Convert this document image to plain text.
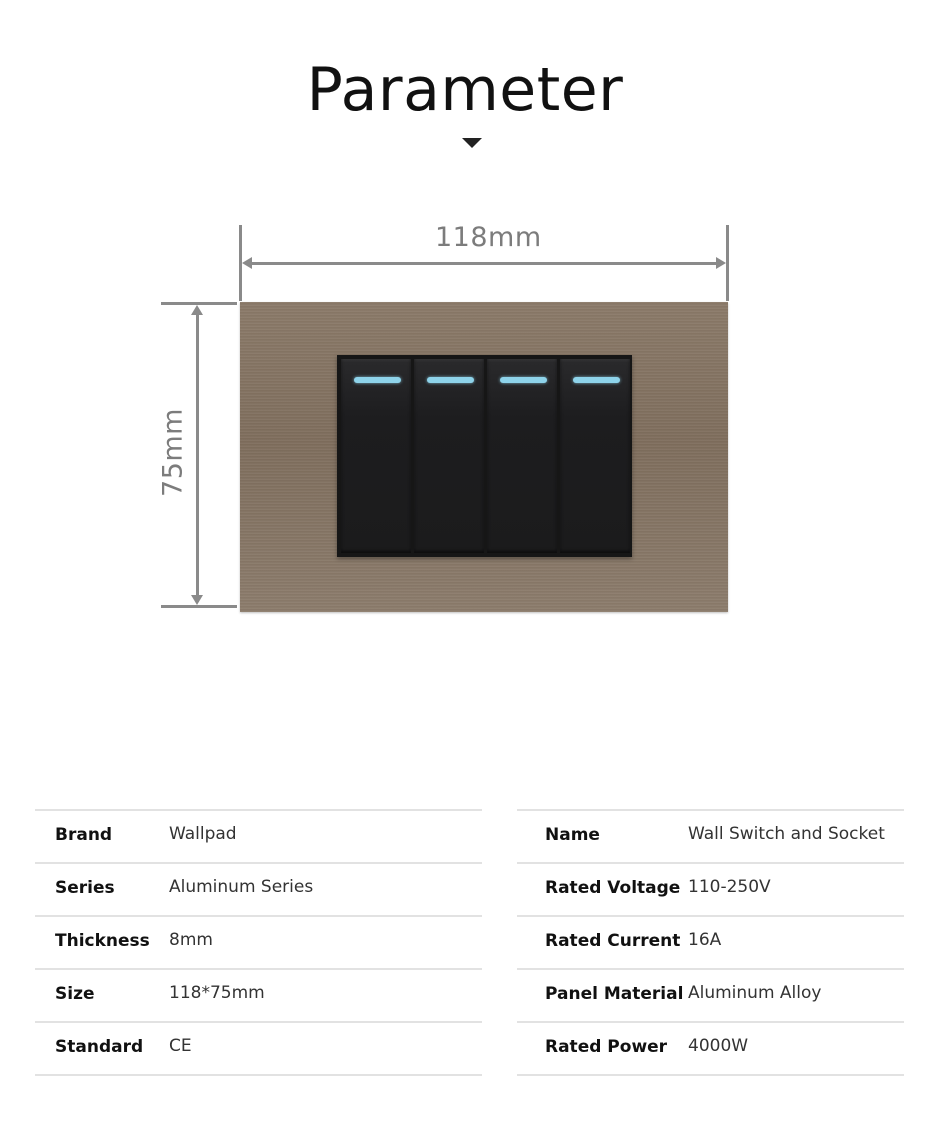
Parameter
118mm
75mm
Brand	Wallpad
Series	Aluminum Series
Thickness 8mm
Size	118*75mm
Standard CE
Name	Wall Switch and Socket
Rated Voltage 110-250V
Rated Current 16A
Panel Material Aluminum Alloy
Rated Power 4000W
